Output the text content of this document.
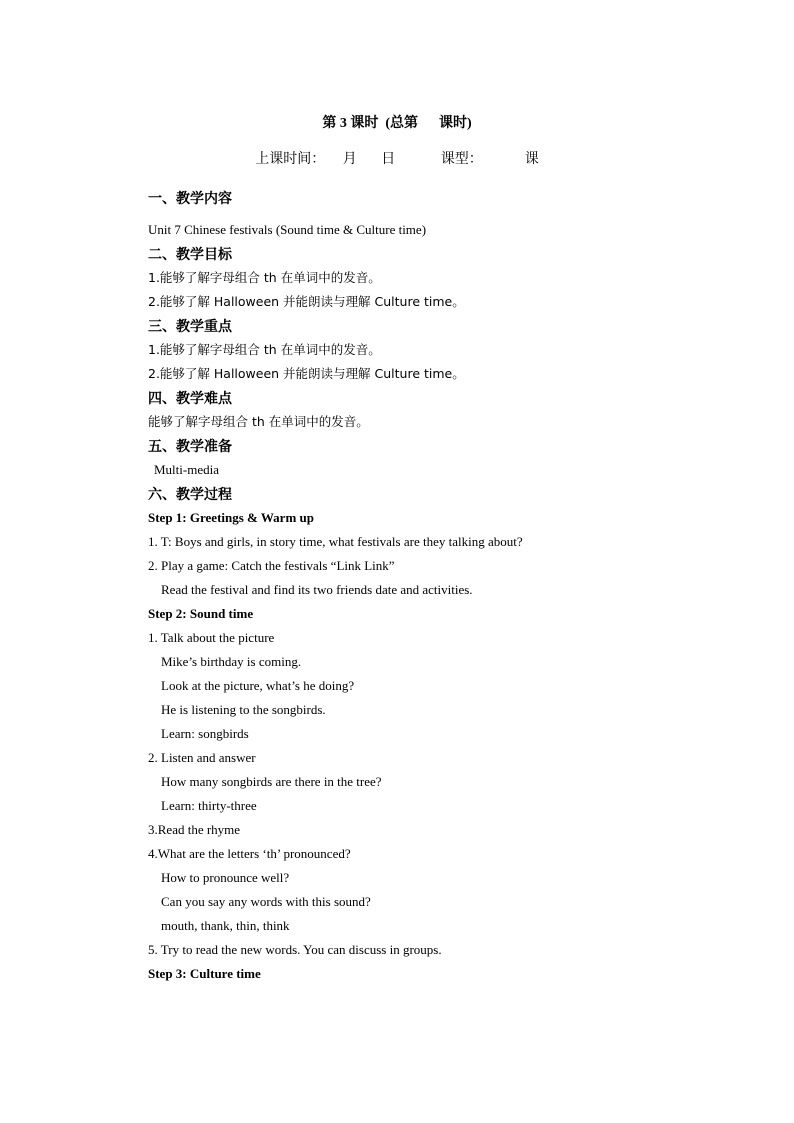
第 3 课时  (总第      课时)
上课时间：     月       日             课型：            课
一、教学内容
Unit 7 Chinese festivals (Sound time & Culture time)
二、教学目标
1.能够了解字母组合 th 在单词中的发音。
2.能够了解 Halloween 并能朗读与理解 Culture time。
三、教学重点
1.能够了解字母组合 th 在单词中的发音。
2.能够了解 Halloween 并能朗读与理解 Culture time。
四、教学难点
能够了解字母组合 th 在单词中的发音。
五、教学准备
Multi-media
六、教学过程
Step 1: Greetings & Warm up
1. T: Boys and girls, in story time, what festivals are they talking about?
2. Play a game: Catch the festivals “Link Link”
Read the festival and find its two friends date and activities.
Step 2: Sound time
1. Talk about the picture
Mike’s birthday is coming.
Look at the picture, what’s he doing?
He is listening to the songbirds.
Learn: songbirds
2. Listen and answer
How many songbirds are there in the tree?
Learn: thirty-three
3.Read the rhyme
4.What are the letters ‘th’ pronounced?
How to pronounce well?
Can you say any words with this sound?
mouth, thank, thin, think
5. Try to read the new words. You can discuss in groups.
Step 3: Culture time
